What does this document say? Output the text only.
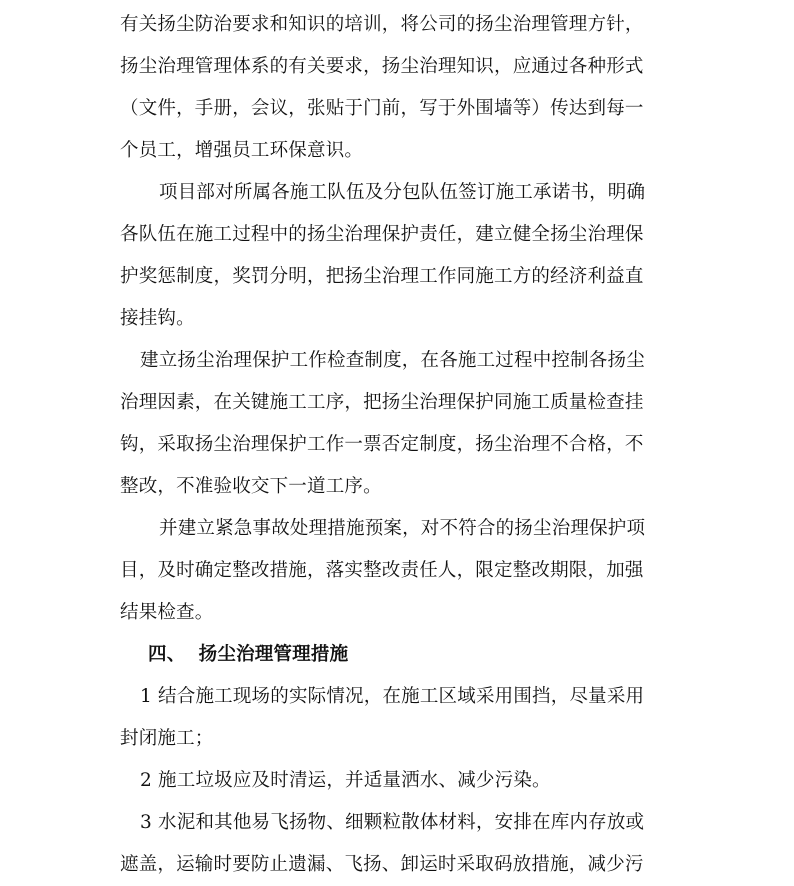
有关扬尘防治要求和知识的培训，将公司的扬尘治理管理方针，
扬尘治理管理体系的有关要求，扬尘治理知识，应通过各种形式
（文件，手册，会议，张贴于门前，写于外围墙等）传达到每一
个员工，增强员工环保意识。
项目部对所属各施工队伍及分包队伍签订施工承诺书，明确
各队伍在施工过程中的扬尘治理保护责任，建立健全扬尘治理保
护奖惩制度，奖罚分明，把扬尘治理工作同施工方的经济利益直
接挂钩。
建立扬尘治理保护工作检查制度，在各施工过程中控制各扬尘
治理因素，在关键施工工序，把扬尘治理保护同施工质量检查挂
钩，采取扬尘治理保护工作一票否定制度，扬尘治理不合格，不
整改，不准验收交下一道工序。
并建立紧急事故处理措施预案，对不符合的扬尘治理保护项
目，及时确定整改措施，落实整改责任人，限定整改期限，加强
结果检查。
四、  扬尘治理管理措施
1 结合施工现场的实际情况，在施工区域采用围挡，尽量采用
封闭施工；
2 施工垃圾应及时清运，并适量洒水、减少污染。
3 水泥和其他易飞扬物、细颗粒散体材料，安排在库内存放或
遮盖，运输时要防止遗漏、飞扬、卸运时采取码放措施，减少污
